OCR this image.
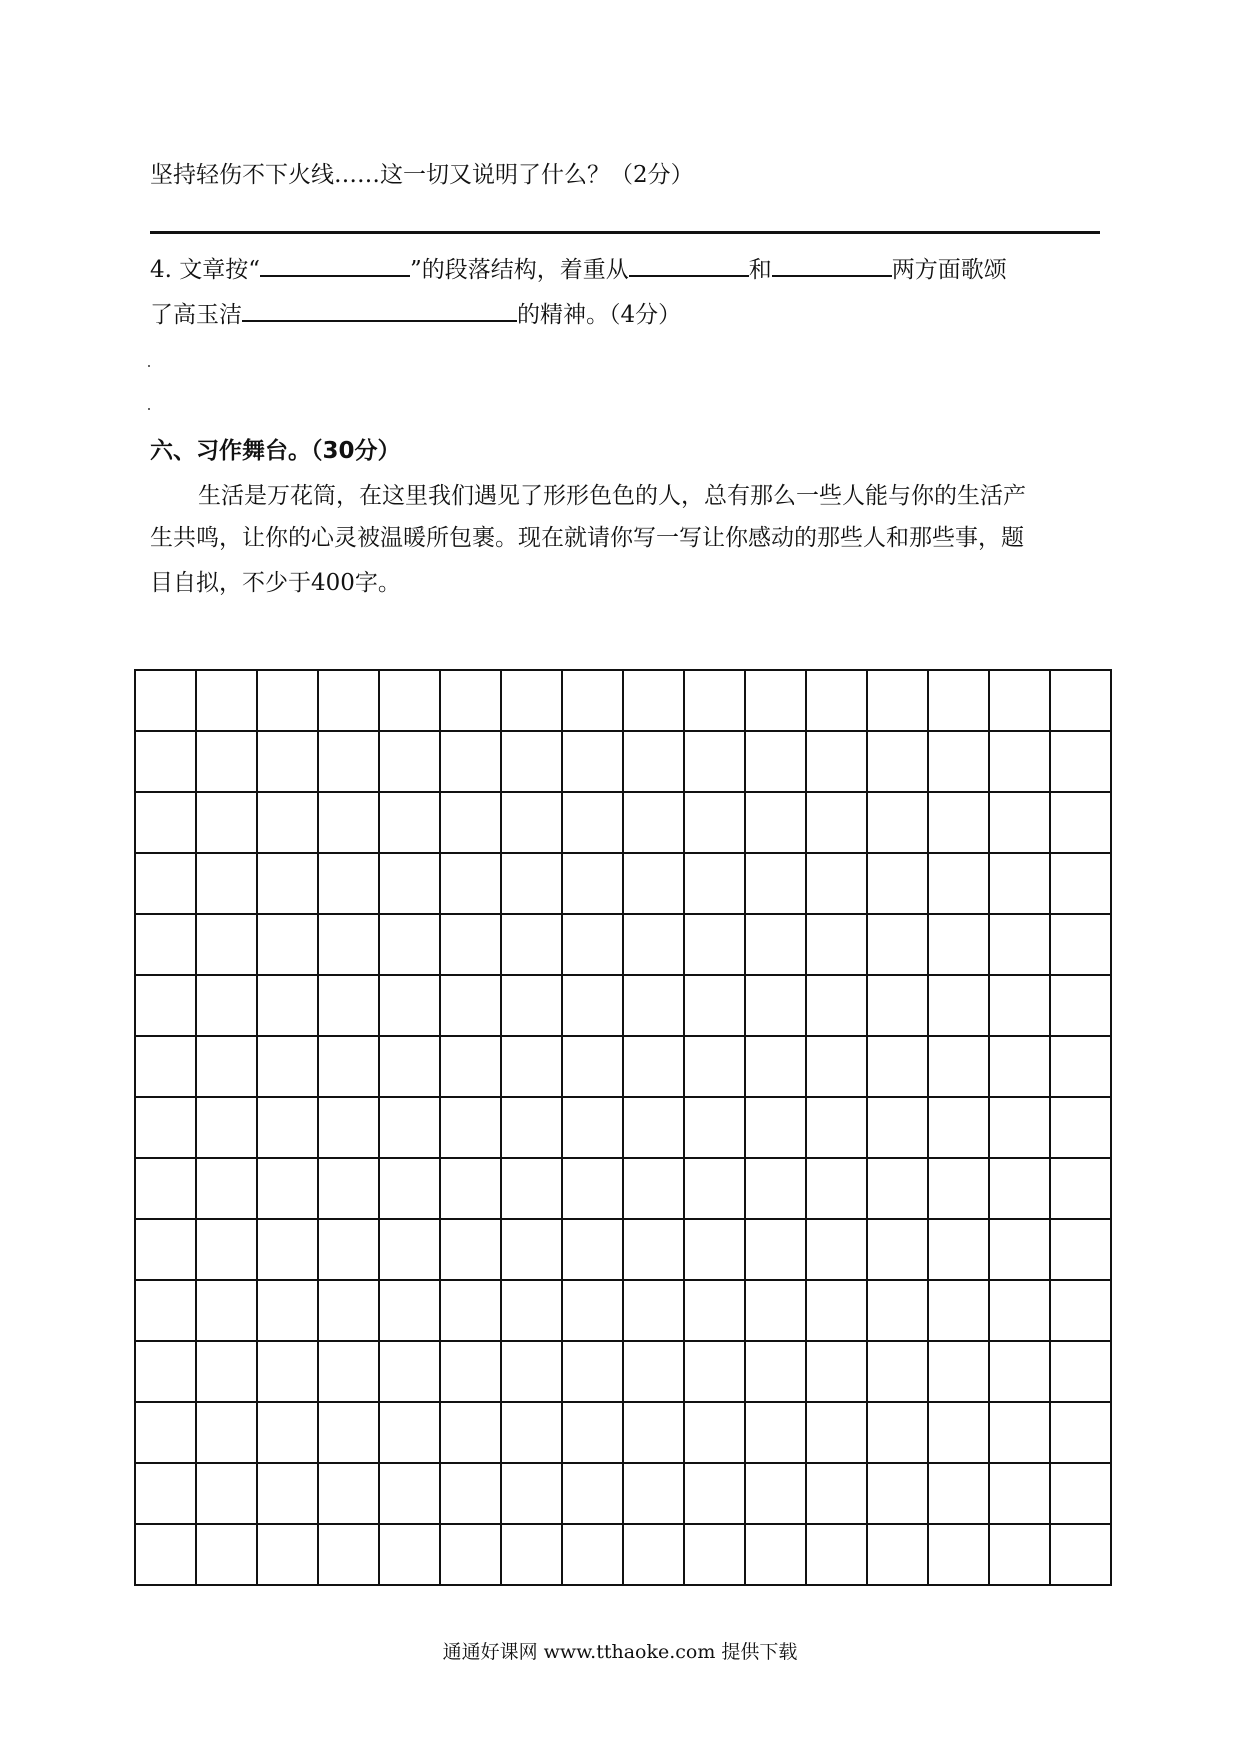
坚持轻伤不下火线……这一切又说明了什么？（2分）
4. 文章按“	”的段落结构，着重从	和	两方面歌颂
了高玉洁	的精神。（4分）
六、习作舞台。（30分）
生活是万花筒，在这里我们遇见了形形色色的人，总有那么一些人能与你的生活产
生共鸣，让你的心灵被温暖所包裹。现在就请你写一写让你感动的那些人和那些事，题
目自拟，不少于400字。

通通好课网 www.tthaoke.com 提供下载
